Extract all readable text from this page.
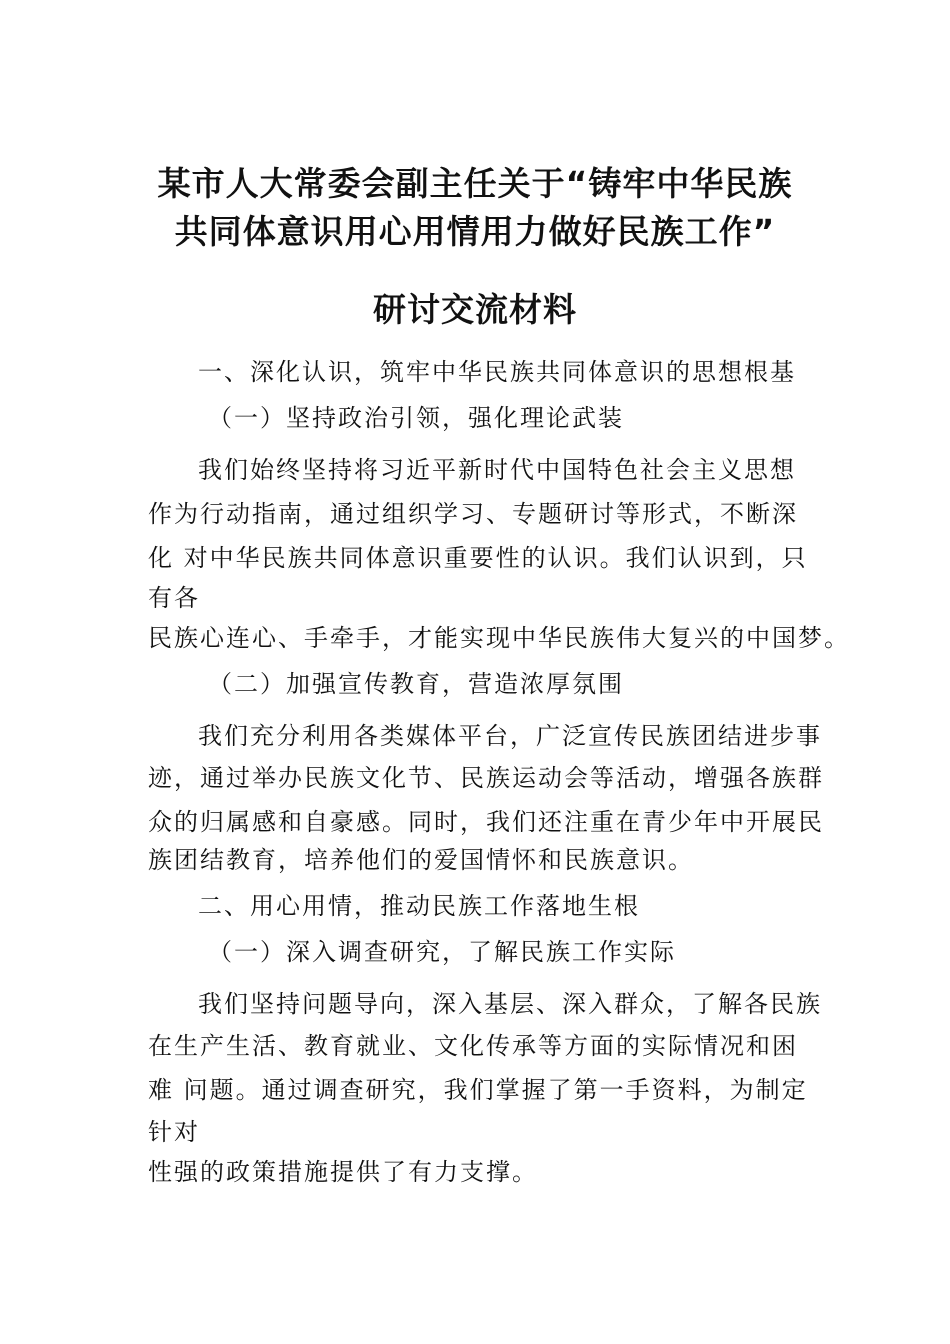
某市人大常委会副主任关于“铸牢中华民族
共同体意识用心用情用力做好民族工作”
研讨交流材料
一、深化认识，筑牢中华民族共同体意识的思想根基
（一）坚持政治引领，强化理论武装
我们始终坚持将习近平新时代中国特色社会主义思想
作为行动指南，通过组织学习、专题研讨等形式，不断深
化 对中华民族共同体意识重要性的认识。我们认识到，只
有各
民族心连心、手牵手，才能实现中华民族伟大复兴的中国梦。
（二）加强宣传教育，营造浓厚氛围
我们充分利用各类媒体平台，广泛宣传民族团结进步事
迹，通过举办民族文化节、民族运动会等活动，增强各族群
众的归属感和自豪感。同时，我们还注重在青少年中开展民
族团结教育，培养他们的爱国情怀和民族意识。
二、用心用情，推动民族工作落地生根
（一）深入调查研究，了解民族工作实际
我们坚持问题导向，深入基层、深入群众，了解各民族
在生产生活、教育就业、文化传承等方面的实际情况和困
难 问题。通过调查研究，我们掌握了第一手资料，为制定
针对
性强的政策措施提供了有力支撑。
